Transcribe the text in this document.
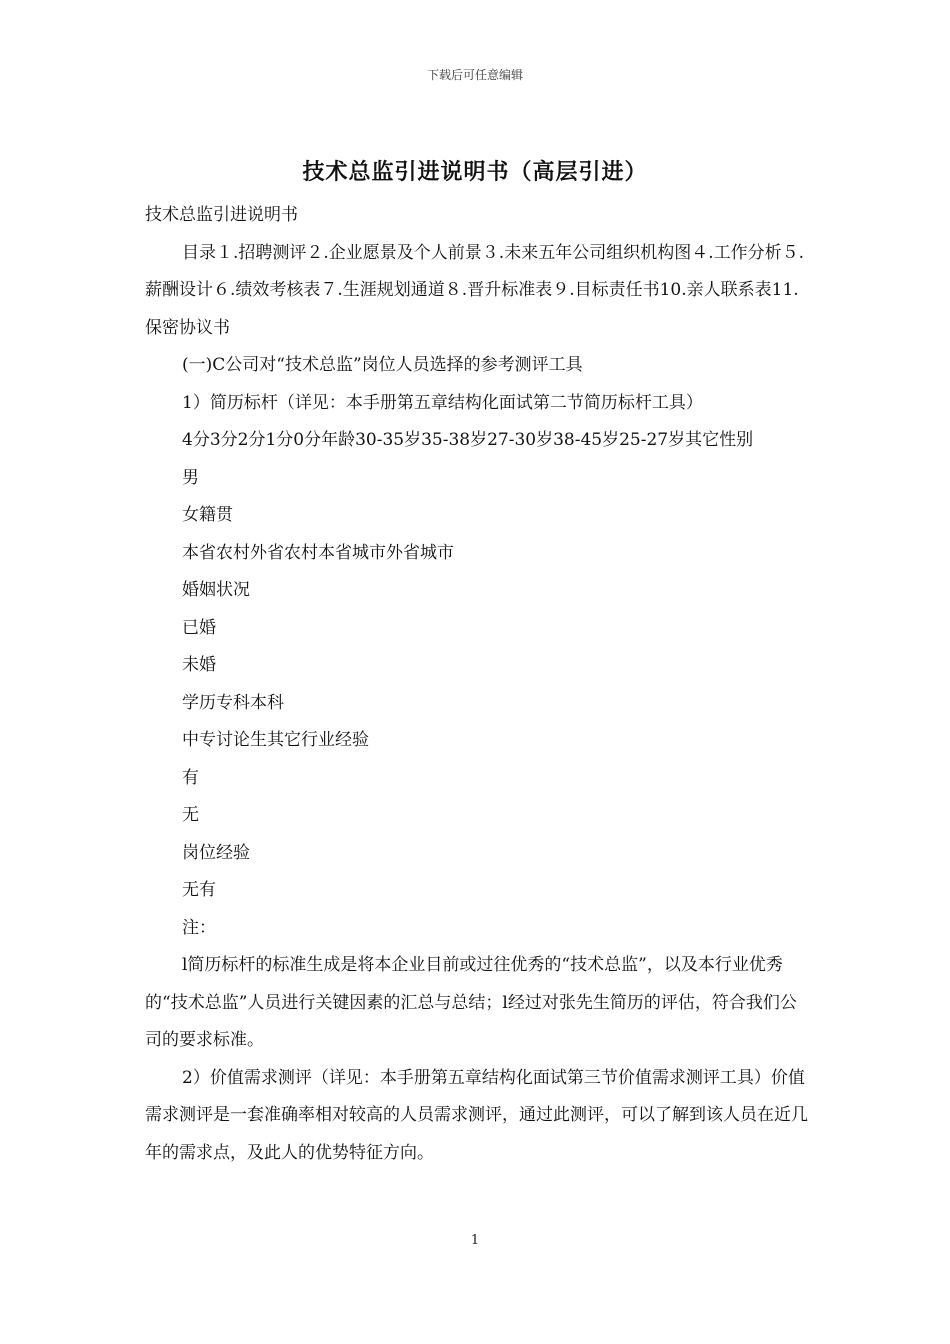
下载后可任意编辑
技术总监引进说明书（高层引进）

技术总监引进说明书

目录１.招聘测评２.企业愿景及个人前景３.未来五年公司组织机构图４.工作分析５.薪酬设计６.绩效考核表７.生涯规划通道８.晋升标准表９.目标责任书10.亲人联系表11.保密协议书

(一)C公司对“技术总监”岗位人员选择的参考测评工具

1）简历标杆（详见：本手册第五章结构化面试第二节简历标杆工具）

4分3分2分1分0分年龄30-35岁35-38岁27-30岁38-45岁25-27岁其它性别

男

女籍贯

本省农村外省农村本省城市外省城市

婚姻状况

已婚

未婚

学历专科本科

中专讨论生其它行业经验

有

无

岗位经验

无有

注：

l简历标杆的标准生成是将本企业目前或过往优秀的“技术总监”，以及本行业优秀的“技术总监”人员进行关键因素的汇总与总结；l经过对张先生简历的评估，符合我们公司的要求标准。

2）价值需求测评（详见：本手册第五章结构化面试第三节价值需求测评工具）价值需求测评是一套准确率相对较高的人员需求测评，通过此测评，可以了解到该人员在近几年的需求点，及此人的优势特征方向。

1
